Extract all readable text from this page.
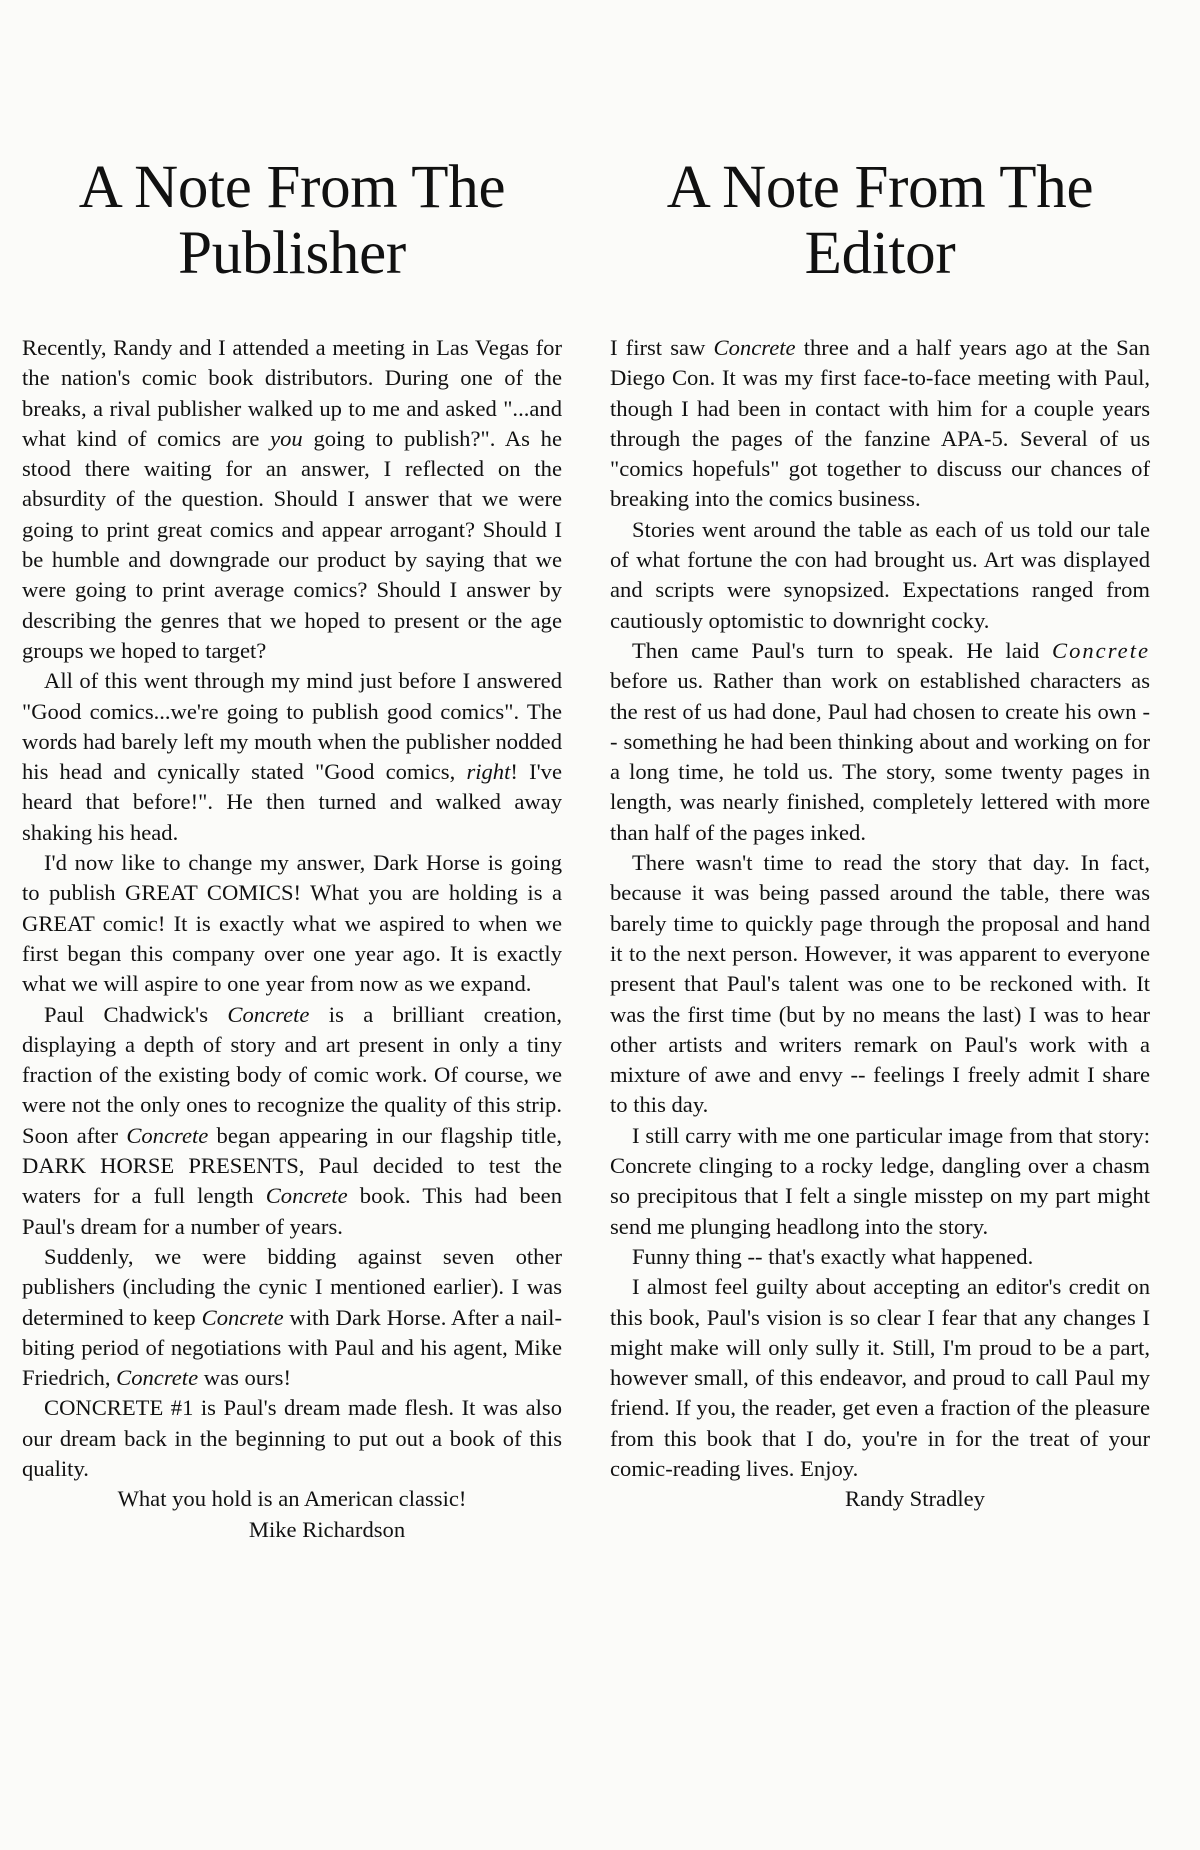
A Note From The
Publisher

Recently, Randy and I attended a meeting in Las Vegas for the nation's comic book distributors. During one of the breaks, a rival publisher walked up to me and asked "...and what kind of comics are you going to publish?". As he stood there waiting for an answer, I reflected on the absurdity of the question. Should I answer that we were going to print great comics and appear arrogant? Should I be humble and downgrade our product by saying that we were going to print average comics? Should I answer by describing the genres that we hoped to present or the age groups we hoped to target?

All of this went through my mind just before I answered "Good comics...we're going to publish good comics". The words had barely left my mouth when the publisher nodded his head and cynically stated "Good comics, right! I've heard that before!". He then turned and walked away shaking his head.

I'd now like to change my answer, Dark Horse is going to publish GREAT COMICS! What you are holding is a GREAT comic! It is exactly what we aspired to when we first began this company over one year ago. It is exactly what we will aspire to one year from now as we expand.

Paul Chadwick's Concrete is a brilliant creation, displaying a depth of story and art present in only a tiny fraction of the existing body of comic work. Of course, we were not the only ones to recognize the quality of this strip. Soon after Concrete began appearing in our flagship title, DARK HORSE PRESENTS, Paul decided to test the waters for a full length Concrete book. This had been Paul's dream for a number of years.

Suddenly, we were bidding against seven other publishers (including the cynic I mentioned earlier). I was determined to keep Concrete with Dark Horse. After a nail-biting period of negotiations with Paul and his agent, Mike Friedrich, Concrete was ours!

CONCRETE #1 is Paul's dream made flesh. It was also our dream back in the beginning to put out a book of this quality.

What you hold is an American classic!

Mike Richardson
A Note From The
Editor

I first saw Concrete three and a half years ago at the San Diego Con. It was my first face-to-face meeting with Paul, though I had been in contact with him for a couple years through the pages of the fanzine APA-5. Several of us "comics hopefuls" got together to discuss our chances of breaking into the comics business.

Stories went around the table as each of us told our tale of what fortune the con had brought us. Art was displayed and scripts were synopsized. Expectations ranged from cautiously optomistic to downright cocky.

Then came Paul's turn to speak. He laid Concrete before us. Rather than work on established characters as the rest of us had done, Paul had chosen to create his own -- something he had been thinking about and working on for a long time, he told us. The story, some twenty pages in length, was nearly finished, completely lettered with more than half of the pages inked.

There wasn't time to read the story that day. In fact, because it was being passed around the table, there was barely time to quickly page through the proposal and hand it to the next person. However, it was apparent to everyone present that Paul's talent was one to be reckoned with. It was the first time (but by no means the last) I was to hear other artists and writers remark on Paul's work with a mixture of awe and envy -- feelings I freely admit I share to this day.

I still carry with me one particular image from that story: Concrete clinging to a rocky ledge, dangling over a chasm so precipitous that I felt a single misstep on my part might send me plunging headlong into the story.

Funny thing -- that's exactly what happened.

I almost feel guilty about accepting an editor's credit on this book, Paul's vision is so clear I fear that any changes I might make will only sully it. Still, I'm proud to be a part, however small, of this endeavor, and proud to call Paul my friend. If you, the reader, get even a fraction of the pleasure from this book that I do, you're in for the treat of your comic-reading lives. Enjoy.

Randy Stradley
